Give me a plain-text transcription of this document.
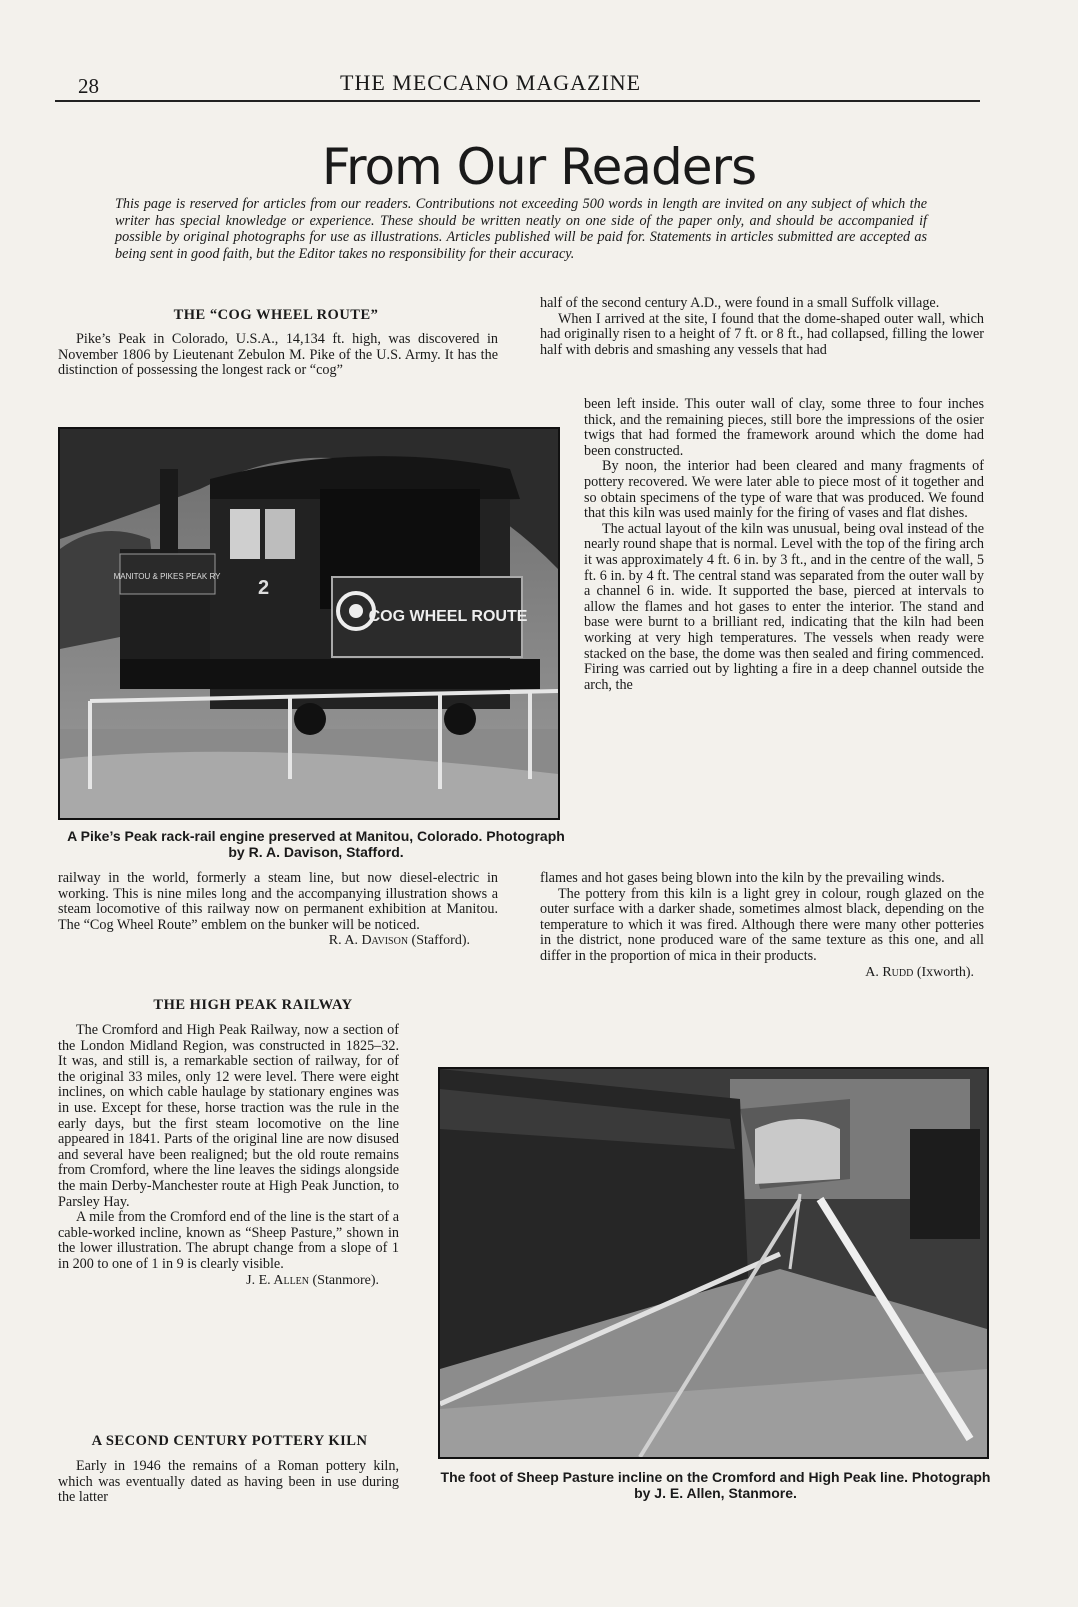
28	THE MECCANO MAGAZINE
From Our Readers
This page is reserved for articles from our readers. Contributions not exceeding 500 words in length are invited on any subject of which the writer has special knowledge or experience. These should be written neatly on one side of the paper only, and should be accompanied if possible by original photographs for use as illustrations. Articles published will be paid for. Statements in articles submitted are accepted as being sent in good faith, but the Editor takes no responsibility for their accuracy.
THE “COG WHEEL ROUTE”

Pike’s Peak in Colorado, U.S.A., 14,134 ft. high, was discovered in November 1806 by Lieutenant Zebulon M. Pike of the U.S. Army. It has the distinction of possessing the longest rack or “cog”

MANITOU & PIKES PEAK RY
2
COG WHEEL ROUTE
A Pike’s Peak rack-rail engine preserved at Manitou, Colorado. Photograph by R. A. Davison, Stafford.

railway in the world, formerly a steam line, but now diesel-electric in working. This is nine miles long and the accompanying illustration shows a steam locomotive of this railway now on permanent exhibition at Manitou. The “Cog Wheel Route” emblem on the bunker will be noticed.

R. A. Davison (Stafford).
THE HIGH PEAK RAILWAY

The Cromford and High Peak Railway, now a section of the London Midland Region, was constructed in 1825–32. It was, and still is, a remarkable section of railway, for of the original 33 miles, only 12 were level. There were eight inclines, on which cable haulage by stationary engines was in use. Except for these, horse traction was the rule in the early days, but the first steam locomotive on the line appeared in 1841. Parts of the original line are now disused and several have been realigned; but the old route remains from Cromford, where the line leaves the sidings alongside the main Derby-Manchester route at High Peak Junction, to Parsley Hay.

A mile from the Cromford end of the line is the start of a cable-worked incline, known as “Sheep Pasture,” shown in the lower illustration. The abrupt change from a slope of 1 in 200 to one of 1 in 9 is clearly visible.

J. E. Allen (Stanmore).
A SECOND CENTURY POTTERY KILN

Early in 1946 the remains of a Roman pottery kiln, which was eventually dated as having been in use during the latter

half of the second century A.D., were found in a small Suffolk village.

When I arrived at the site, I found that the dome-shaped outer wall, which had originally risen to a height of 7 ft. or 8 ft., had collapsed, filling the lower half with debris and smashing any vessels that had

been left inside. This outer wall of clay, some three to four inches thick, and the remaining pieces, still bore the impressions of the osier twigs that had formed the framework around which the dome had been constructed.

By noon, the interior had been cleared and many fragments of pottery recovered. We were later able to piece most of it together and so obtain specimens of the type of ware that was produced. We found that this kiln was used mainly for the firing of vases and flat dishes.

The actual layout of the kiln was unusual, being oval instead of the nearly round shape that is normal. Level with the top of the firing arch it was approximately 4 ft. 6 in. by 3 ft., and in the centre of the wall, 5 ft. 6 in. by 4 ft. The central stand was separated from the outer wall by a channel 6 in. wide. It supported the base, pierced at intervals to allow the flames and hot gases to enter the interior. The stand and base were burnt to a brilliant red, indicating that the kiln had been working at very high temperatures. The vessels when ready were stacked on the base, the dome was then sealed and firing commenced. Firing was carried out by lighting a fire in a deep channel outside the arch, the

flames and hot gases being blown into the kiln by the prevailing winds.

The pottery from this kiln is a light grey in colour, rough glazed on the outer surface with a darker shade, sometimes almost black, depending on the temperature to which it was fired. Although there were many other potteries in the district, none produced ware of the same texture as this one, and all differ in the proportion of mica in their products.

A. Rudd (Ixworth).
The foot of Sheep Pasture incline on the Cromford and High Peak line. Photograph by J. E. Allen, Stanmore.
